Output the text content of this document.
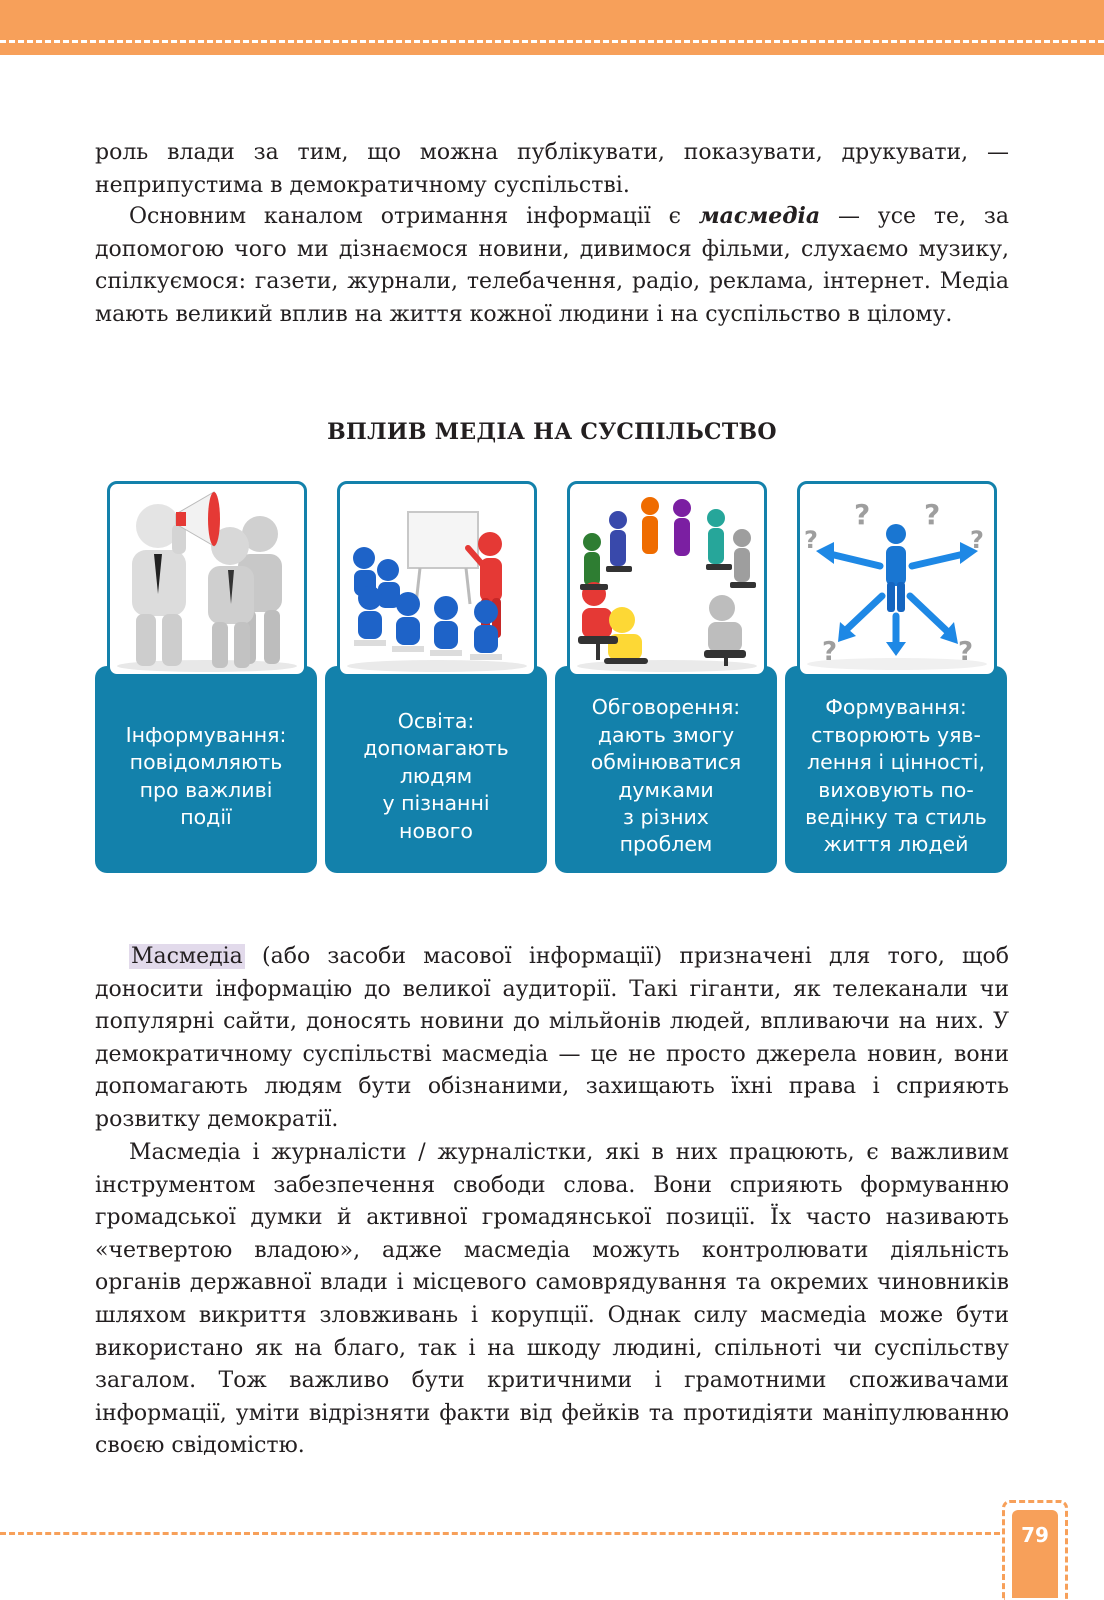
роль влади за тим, що можна публікувати, показувати, друкувати, — неприпустима в демократичному суспільстві.

Основним каналом отримання інформації є масмедіа — усе те, за допомогою чого ми дізнаємося новини, дивимося фільми, слухаємо музику, спілкуємося: газети, журнали, телебачення, радіо, реклама, інтернет. Медіа мають великий вплив на життя кожної людини і на суспільство в цілому.

ВПЛИВ МЕДІА НА СУСПІЛЬСТВО
Інформування:
повідомляють
про важливі
події
Освіта:
допомагають
людям
у пізнанні
нового
Обговорення:
дають змогу
обмінюватися
думками
з різних
проблем
? ?
?	?
?	?
Формування:
створюють уяв-
лення і цінності,
виховують по-
ведінку та стиль
життя людей

Масмедіа (або засоби масової інформації) призначені для того, щоб доносити інформацію до великої аудиторії. Такі гіганти, як телеканали чи популярні сайти, доносять новини до мільйонів людей, впливаючи на них. У демократичному суспільстві масмедіа — це не просто джерела новин, вони допомагають людям бути обізнаними, захищають їхні права і сприяють розвитку демократії.

Масмедіа і журналісти / журналістки, які в них працюють, є важливим інструментом забезпечення свободи слова. Вони сприяють формуванню громадської думки й активної громадянської позиції. Їх часто називають «четвертою владою», адже масмедіа можуть контролювати діяльність органів державної влади і місцевого самоврядування та окремих чиновників шляхом викриття зловживань і корупції. Однак силу масмедіа може бути використано як на благо, так і на шкоду людині, спільноті чи суспільству загалом. Тож важливо бути критичними і грамотними споживачами інформації, уміти відрізняти факти від фейків та протидіяти маніпулюванню своєю свідомістю.

79
